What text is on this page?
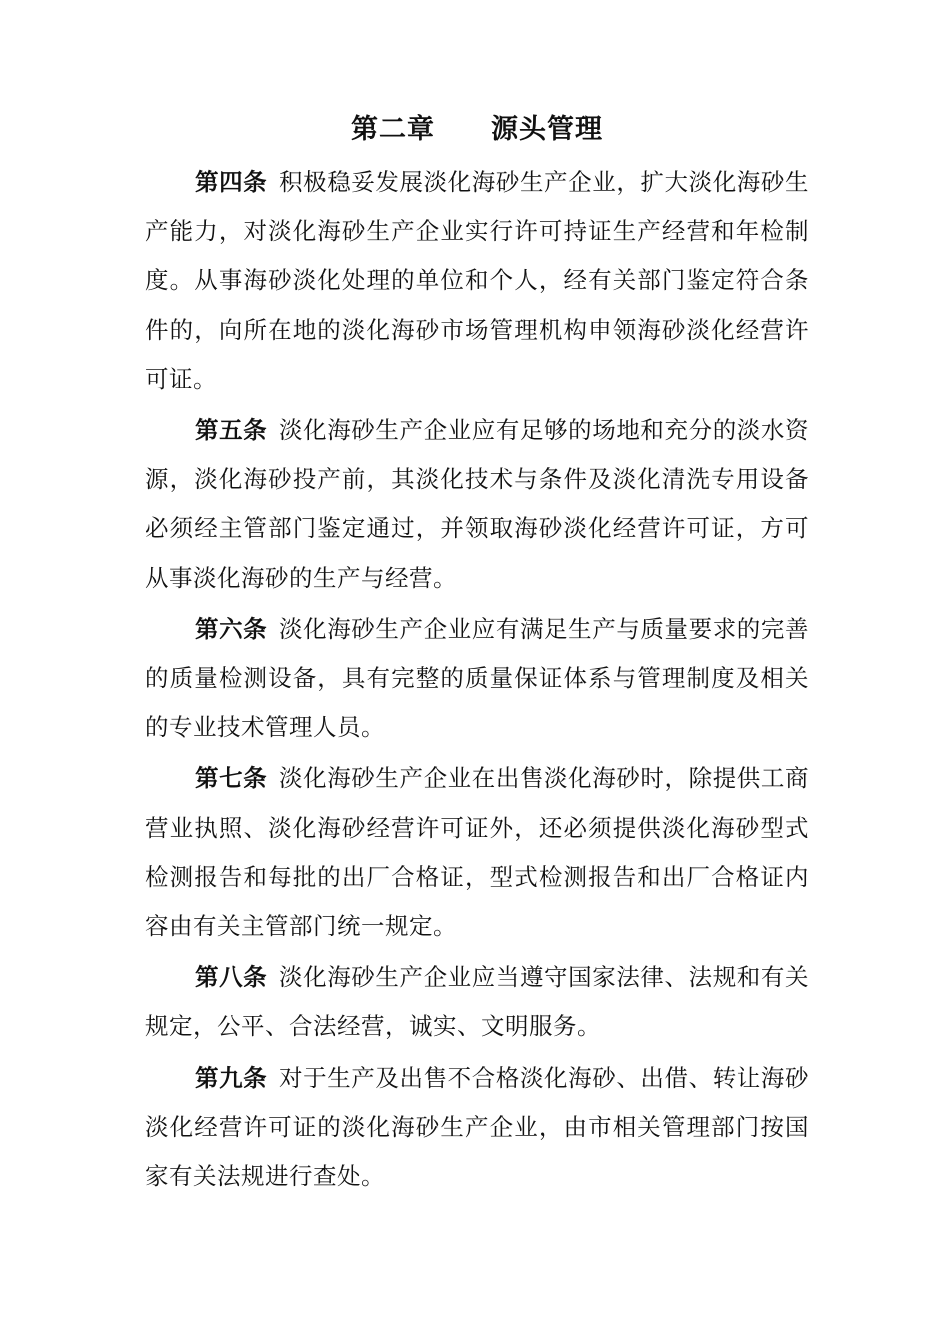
第二章　　源头管理

第四条 积极稳妥发展淡化海砂生产企业，扩大淡化海砂生产能力，对淡化海砂生产企业实行许可持证生产经营和年检制度。从事海砂淡化处理的单位和个人，经有关部门鉴定符合条件的，向所在地的淡化海砂市场管理机构申领海砂淡化经营许可证。

第五条 淡化海砂生产企业应有足够的场地和充分的淡水资源，淡化海砂投产前，其淡化技术与条件及淡化清洗专用设备必须经主管部门鉴定通过，并领取海砂淡化经营许可证，方可从事淡化海砂的生产与经营。

第六条 淡化海砂生产企业应有满足生产与质量要求的完善的质量检测设备，具有完整的质量保证体系与管理制度及相关的专业技术管理人员。

第七条 淡化海砂生产企业在出售淡化海砂时，除提供工商营业执照、淡化海砂经营许可证外，还必须提供淡化海砂型式检测报告和每批的出厂合格证，型式检测报告和出厂合格证内容由有关主管部门统一规定。

第八条 淡化海砂生产企业应当遵守国家法律、法规和有关规定，公平、合法经营，诚实、文明服务。

第九条 对于生产及出售不合格淡化海砂、出借、转让海砂淡化经营许可证的淡化海砂生产企业，由市相关管理部门按国家有关法规进行查处。
